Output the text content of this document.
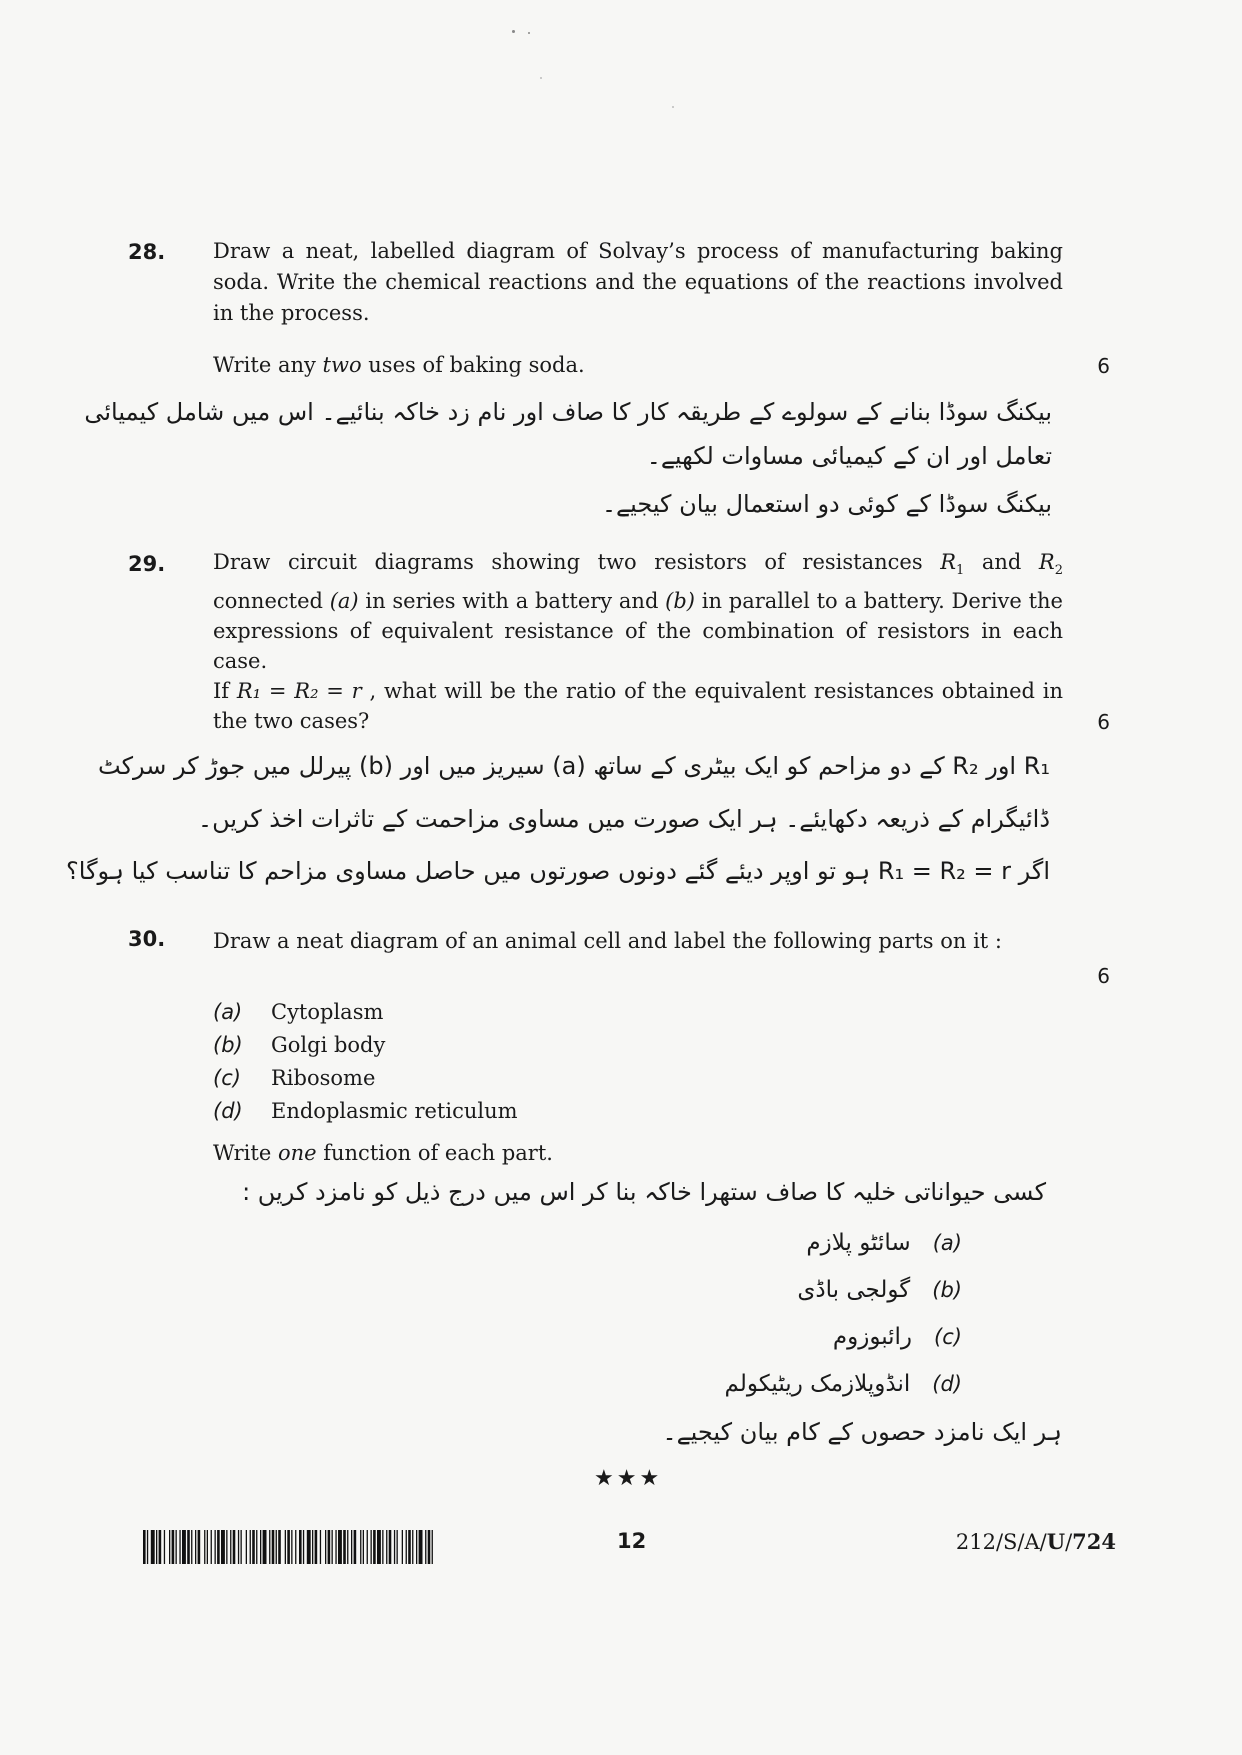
28. Draw a neat, labelled diagram of Solvay’s process of manufacturing baking soda. Write the chemical reactions and the equations of the reactions involved in the process.
Write any two uses of baking soda.	6
بیکنگ سوڈا بنانے کے سولوے کے طریقہ کار کا صاف اور نام زد خاکہ بنائیے۔ اس میں شامل کیمیائی
تعامل اور ان کے کیمیائی مساوات لکھیے۔
بیکنگ سوڈا کے کوئی دو استعمال بیان کیجیے۔
29. Draw circuit diagrams showing two resistors of resistances $R_1$ and $R_2$ connected (a) in series with a battery and (b) in parallel to a battery. Derive the expressions of equivalent resistance of the combination of resistors in each case.
If R₁ = R₂ = r , what will be the ratio of the equivalent resistances obtained in the two cases?	6
R₁ اور R₂ کے دو مزاحم کو ایک بیٹری کے ساتھ (a) سیریز میں اور (b) پیرلل میں جوڑ کر سرکٹ
ڈائیگرام کے ذریعہ دکھایئے۔ ہر ایک صورت میں مساوی مزاحمت کے تاثرات اخذ کریں۔
اگر R₁ = R₂ = r ہو تو اوپر دیئے گئے دونوں صورتوں میں حاصل مساوی مزاحم کا تناسب کیا ہوگا؟
30. Draw a neat diagram of an animal cell and label the following parts on it :
6
(a) Cytoplasm
(b) Golgi body
(c) Ribosome
(d) Endoplasmic reticulum
Write one function of each part.
کسی حیواناتی خلیہ کا صاف ستھرا خاکہ بنا کر اس میں درج ذیل کو نامزد کریں :
(a)سائٹو پلازم
(b)گولجی باڈی
(c)رائبوزوم
(d)انڈوپلازمک ریٹیکولم
ہر ایک نامزد حصوں کے کام بیان کیجیے۔
★★★
12	212/S/A/U/724
